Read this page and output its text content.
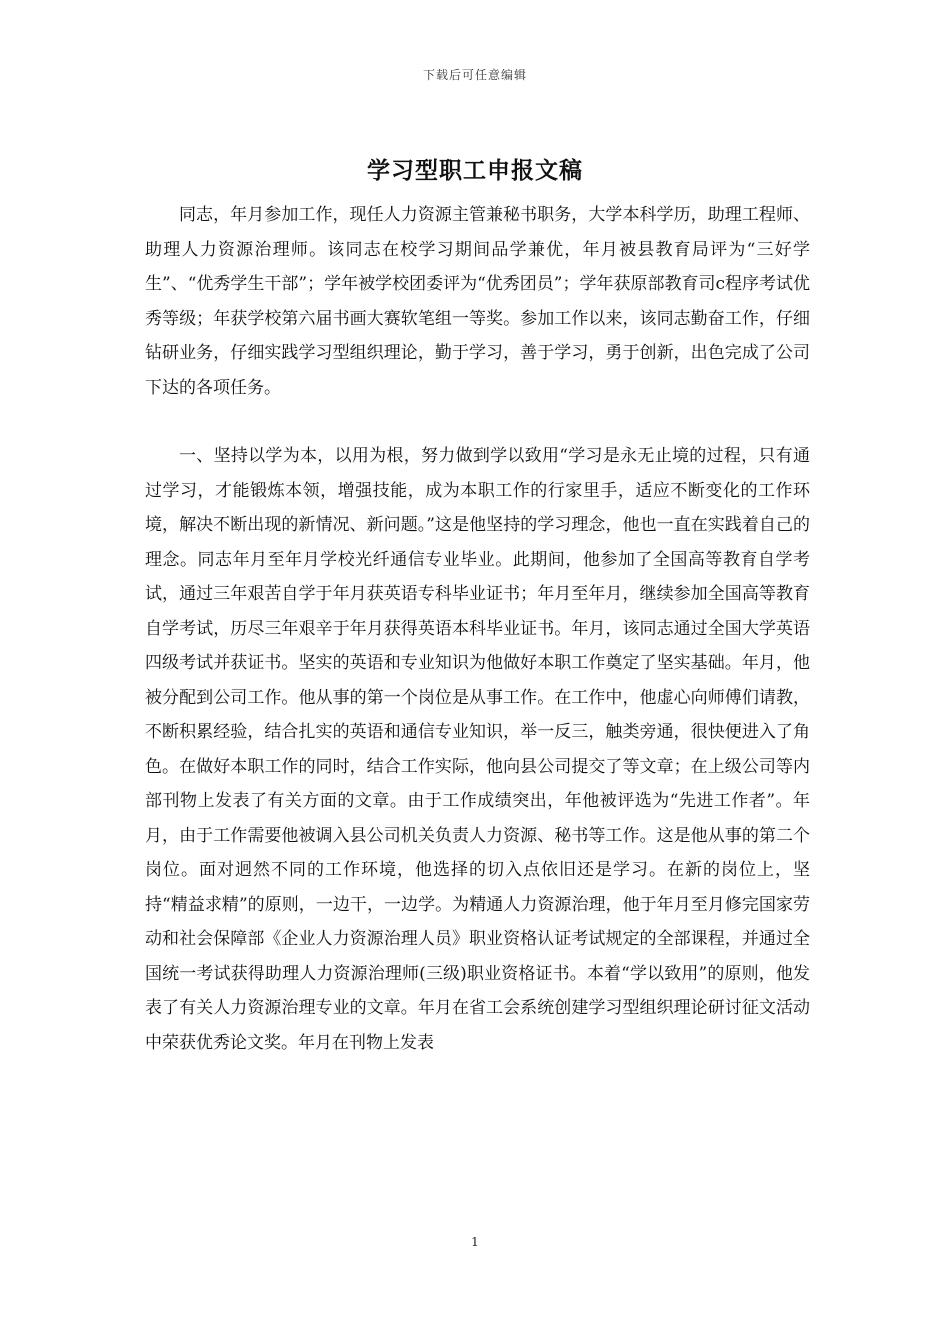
下载后可任意编辑
学习型职工申报文稿

同志，年月参加工作，现任人力资源主管兼秘书职务，大学本科学历，助理工程师、助理人力资源治理师。该同志在校学习期间品学兼优，年月被县教育局评为“三好学生”、“优秀学生干部”；学年被学校团委评为“优秀团员”；学年获原部教育司c程序考试优秀等级；年获学校第六届书画大赛软笔组一等奖。参加工作以来，该同志勤奋工作，仔细钻研业务，仔细实践学习型组织理论，勤于学习，善于学习，勇于创新，出色完成了公司下达的各项任务。

一、坚持以学为本，以用为根，努力做到学以致用“学习是永无止境的过程，只有通过学习，才能锻炼本领，增强技能，成为本职工作的行家里手，适应不断变化的工作环境，解决不断出现的新情况、新问题。”这是他坚持的学习理念，他也一直在实践着自己的理念。同志年月至年月学校光纤通信专业毕业。此期间，他参加了全国高等教育自学考试，通过三年艰苦自学于年月获英语专科毕业证书；年月至年月，继续参加全国高等教育自学考试，历尽三年艰辛于年月获得英语本科毕业证书。年月，该同志通过全国大学英语四级考试并获证书。坚实的英语和专业知识为他做好本职工作奠定了坚实基础。年月，他被分配到公司工作。他从事的第一个岗位是从事工作。在工作中，他虚心向师傅们请教，不断积累经验，结合扎实的英语和通信专业知识，举一反三，触类旁通，很快便进入了角色。在做好本职工作的同时，结合工作实际，他向县公司提交了等文章；在上级公司等内部刊物上发表了有关方面的文章。由于工作成绩突出，年他被评选为“先进工作者”。年月，由于工作需要他被调入县公司机关负责人力资源、秘书等工作。这是他从事的第二个岗位。面对迥然不同的工作环境，他选择的切入点依旧还是学习。在新的岗位上，坚持“精益求精”的原则，一边干，一边学。为精通人力资源治理，他于年月至月修完国家劳动和社会保障部《企业人力资源治理人员》职业资格认证考试规定的全部课程，并通过全国统一考试获得助理人力资源治理师(三级)职业资格证书。本着“学以致用”的原则，他发表了有关人力资源治理专业的文章。年月在省工会系统创建学习型组织理论研讨征文活动中荣获优秀论文奖。年月在刊物上发表

1
